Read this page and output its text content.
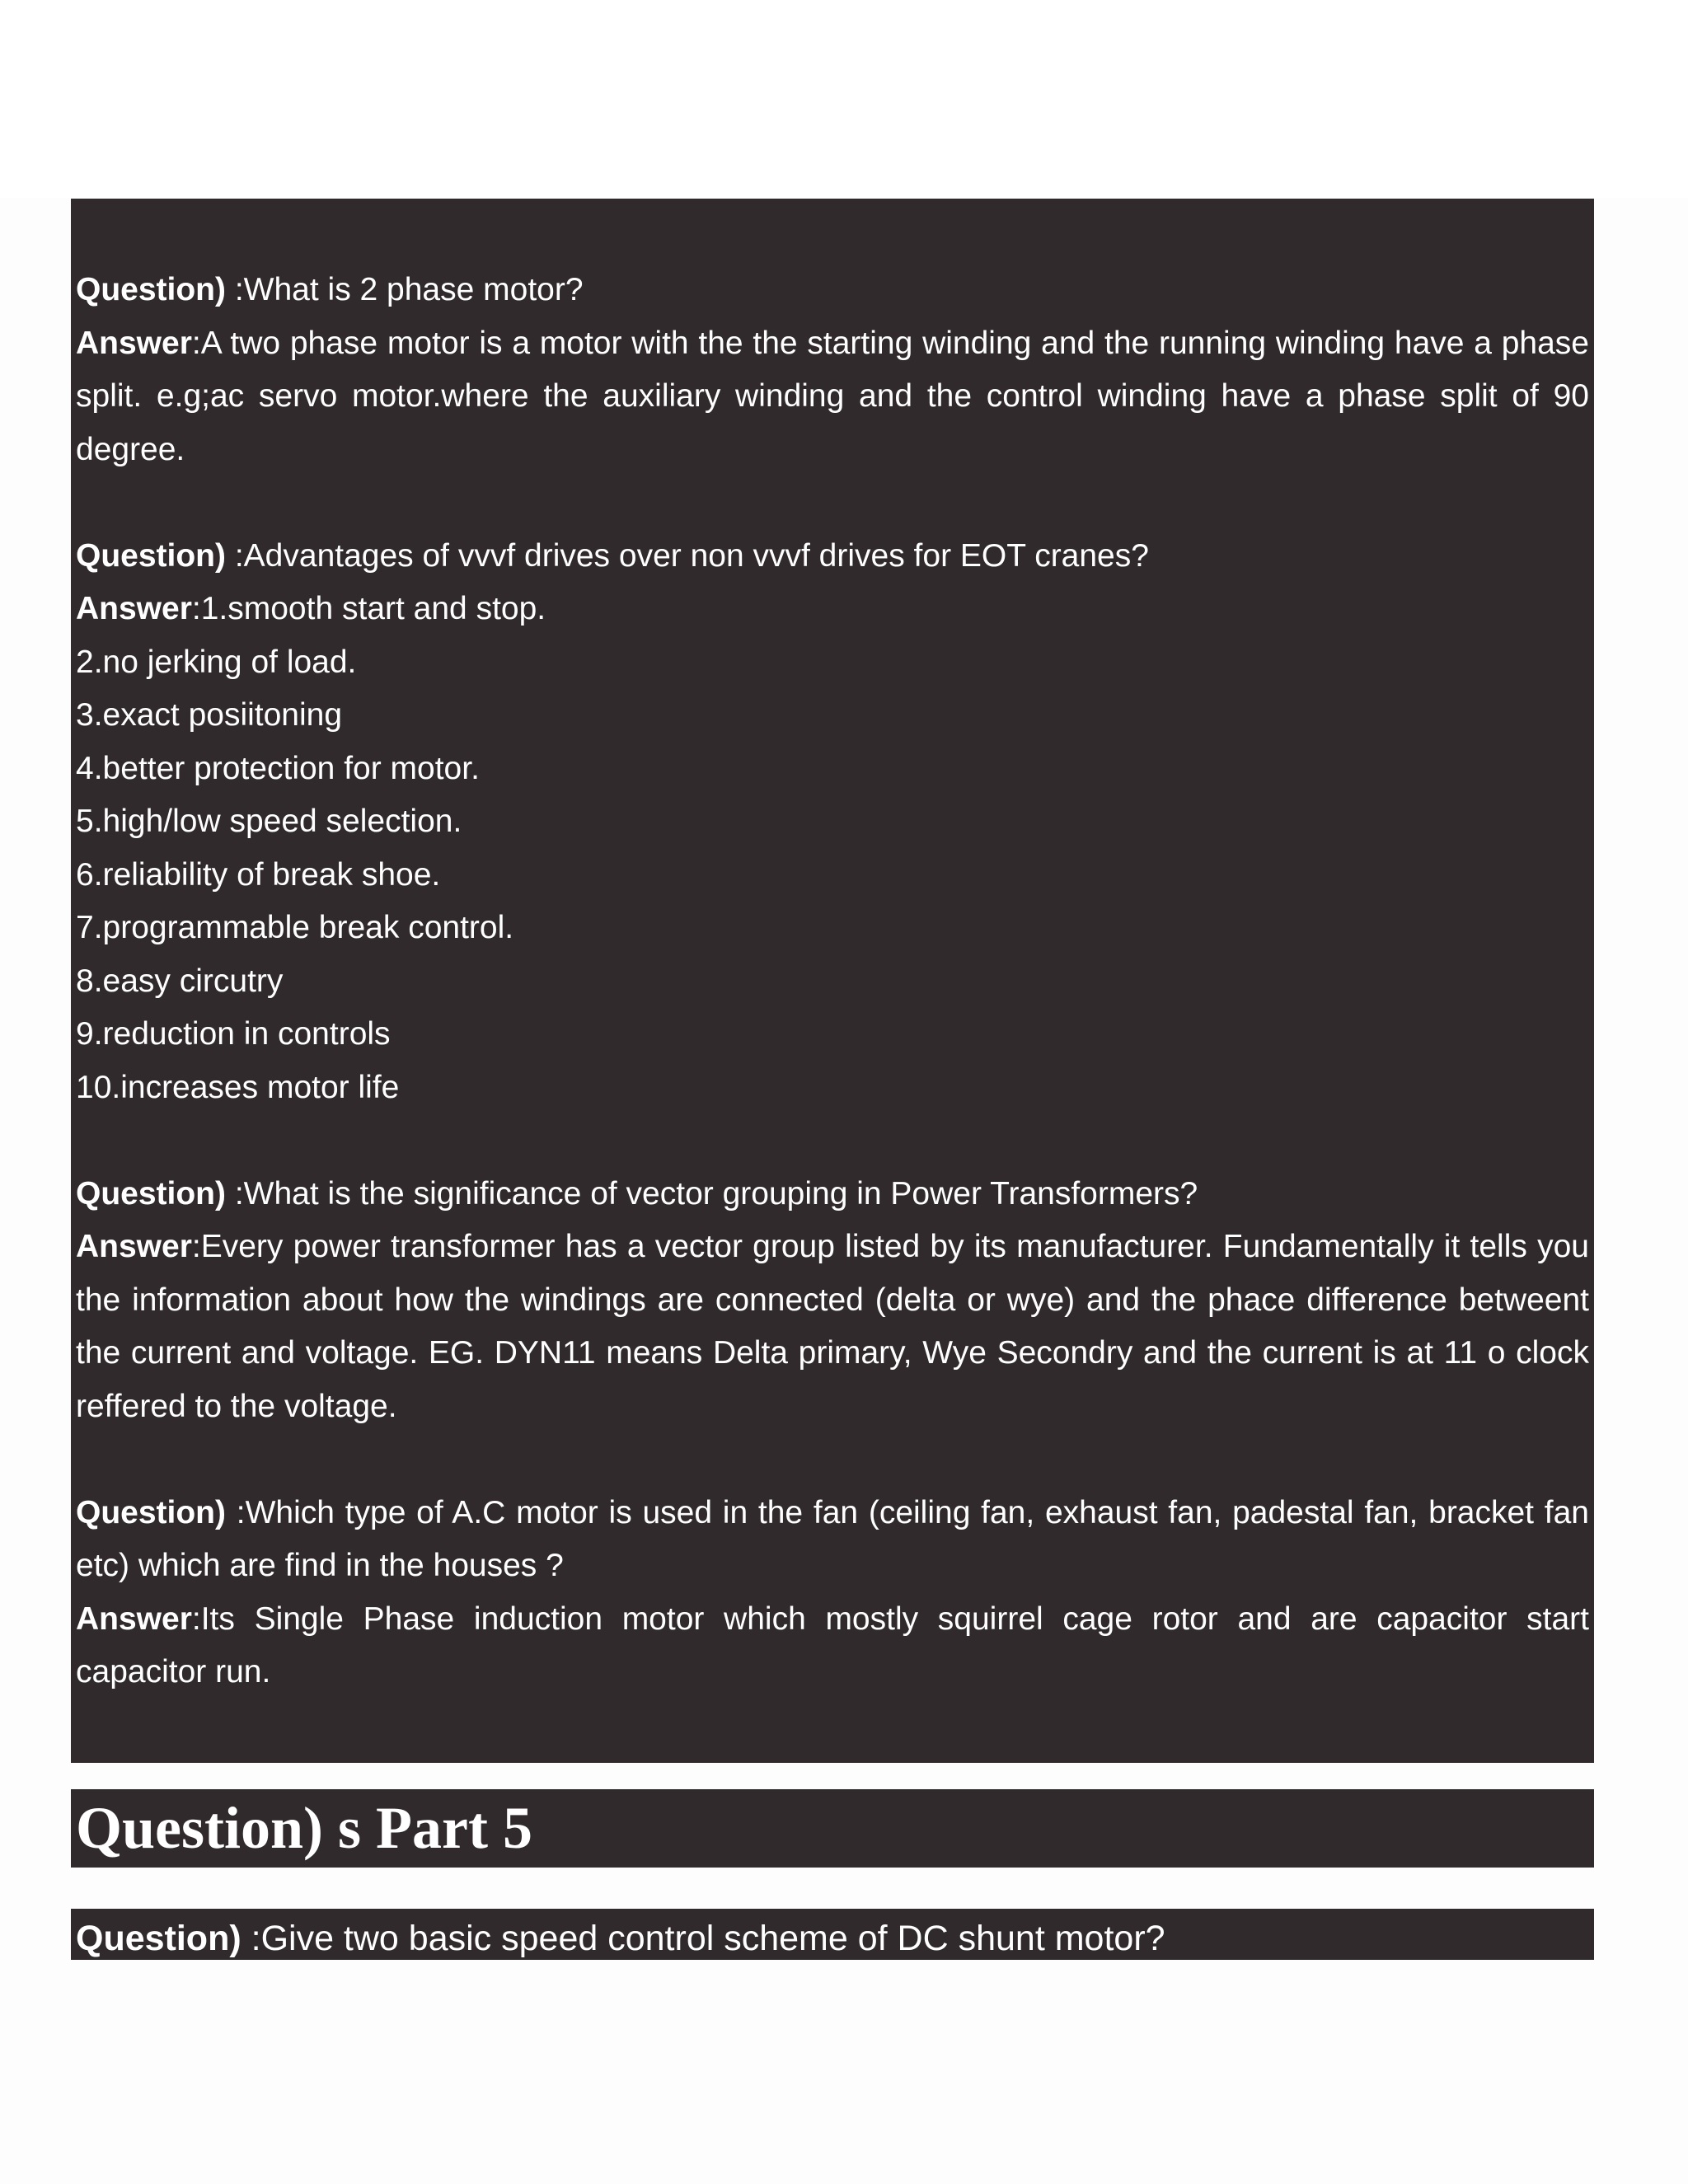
Question) :What is 2 phase motor?

Answer:A two phase motor is a motor with the the starting winding and the running winding have a phase split. e.g;ac servo motor.where the auxiliary winding and the control winding have a phase split of 90 degree.

Question) :Advantages of vvvf drives over non vvvf drives for EOT cranes?

Answer:1.smooth start and stop.

2.no jerking of load.

3.exact posiitoning

4.better protection for motor.

5.high/low speed selection.

6.reliability of break shoe.

7.programmable break control.

8.easy circutry

9.reduction in controls

10.increases motor life

Question) :What is the significance of vector grouping in Power Transformers?

Answer:Every power transformer has a vector group listed by its manufacturer. Fundamentally it tells you the information about how the windings are connected (delta or wye) and the phace difference betweent the current and voltage. EG. DYN11 means Delta primary, Wye Secondry and the current is at 11 o clock reffered to the voltage.

Question) :Which type of A.C motor is used in the fan (ceiling fan, exhaust fan, padestal fan, bracket fan etc) which are find in the houses ?

Answer:Its Single Phase induction motor which mostly squirrel cage rotor and are capacitor start capacitor run.

Question) s Part 5

Question) :Give two basic speed control scheme of DC shunt motor?
